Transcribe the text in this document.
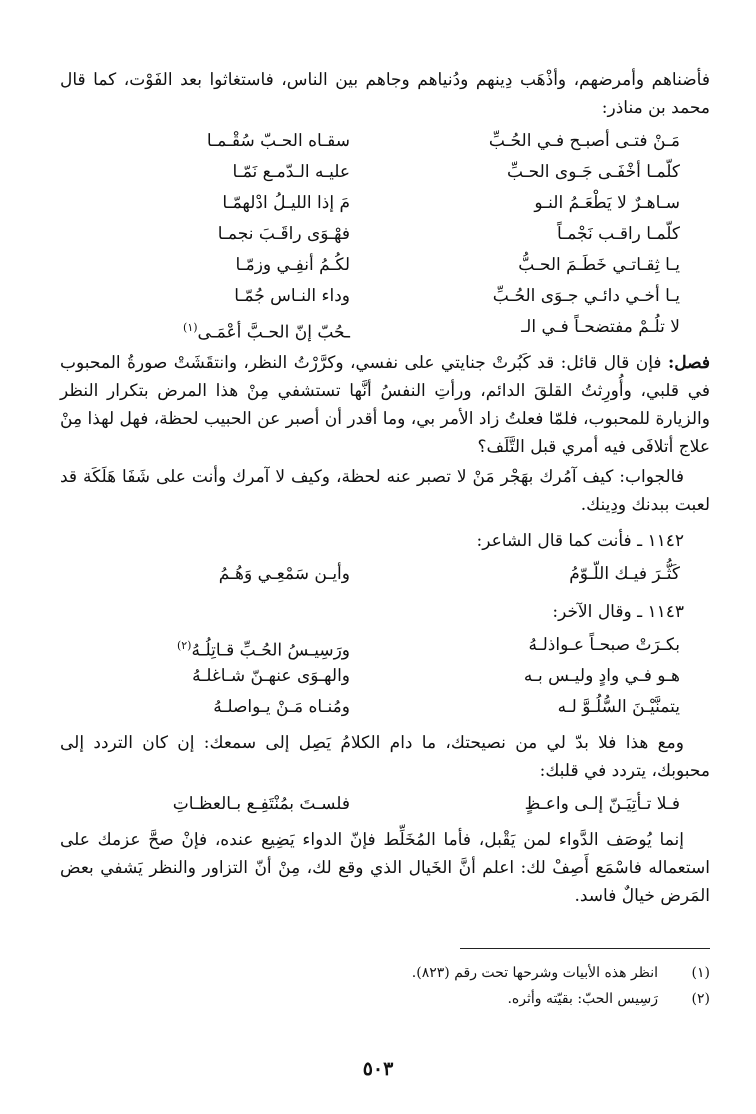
فأضناهم وأمرضهم، وأذْهَب دِينهم ودُنياهم وجاهم بين الناس، فاستغاثوا بعد الفَوْت، كما قال محمد بن مناذر:

مَـنْ فتـى أصبـح فـي الحُـبِّ
سقـاه الحـبّ سُقْـمـا
كلّمـا أخْفَـى جَـوى الحـبِّ
عليـه الـدّمـع نَمّـا
سـاهـرٌ لا يَطْعَـمُ النـو
مَ إذا الليـلُ ادْلهمّـا
كلّمـا راقـب نَجْمـاً
فهْـوَى راقَـبَ نجمـا
يـا ثِقـاتـي خَطَـمَ الحـبُّ
لكُـمُ أنفِـي وزمّـا
يـا أخـي دائـي جـوَى الحُـبِّ
وداء النـاس جُمّـا
لا تلُـمْ مفتضحـاً فـي الـ
ـحُبّ إنّ الحـبَّ أعْمَـى$^{(١)}$

فصل: فإن قال قائل: قد كَبُرتْ جنايتي على نفسي، وكرَّرْتُ النظر، وانتقَشَتْ صورةُ المحبوب في قلبي، وأُورِثتُ القلقَ الدائم، ورأتِ النفسُ أنَّها تستشفي مِنْ هذا المرض بتكرار النظر والزيارة للمحبوب، فلمّا فعلتُ زاد الأمر بي، وما أقدر أن أصبر عن الحبيب لحظة، فهل لهذا مِنْ علاج أتلافَى فيه أمري قبل التَّلَف؟

فالجواب: كيف آمُرك بهَجْر مَنْ لا تصبر عنه لحظة، وكيف لا آمرك وأنت على شَفَا هَلَكَة قد لعبت ببدنك ودِينك.

١١٤٢ ـ فأنت كما قال الشاعر:
كَثُّـرَ فيـك اللّـوّمُ
وأيـن سَمْعِـي وَهُـمُ
١١٤٣ ـ وقال الآخر:
بكـرَتْ صبحـاً عـواذلـهُ
ورَسِيـسُ الحُـبِّ قـاتِلُـهُ$^{(٢)}$
هـو فـي وادٍ وليـس بـه
والهـوَى عنهـنّ شـاغلـهُ
يتمنَّيْـنَ السُّلُـوَّ لـه
ومُنـاه مَـنْ يـواصلـهُ

ومع هذا فلا بدّ لي من نصيحتك، ما دام الكلامُ يَصِل إلى سمعك: إن كان التردد إلى محبوبك، يتردد في قلبك:

فـلا تـأتِيَـنّ إلـى واعـظٍ
فلسـتَ بمُنْتَفِـع بـالعظـاتِ

إنما يُوصَف الدَّواء لمن يَقْبل، فأما المُخَلِّط فإنّ الدواء يَضِيع عنده، فإنْ صحَّ عزمك على استعماله فاسْمَع أَصِفْ لك: اعلم أنَّ الخَيال الذي وقع لك، مِنْ أنّ التزاور والنظر يَشفي بعض المَرض خيالٌ فاسد.

(١)
انظر هذه الأبيات وشرحها تحت رقم (٨٢٣).
(٢)
رَسِيس الحبّ: بقيّته وأثره.
٥٠٣
